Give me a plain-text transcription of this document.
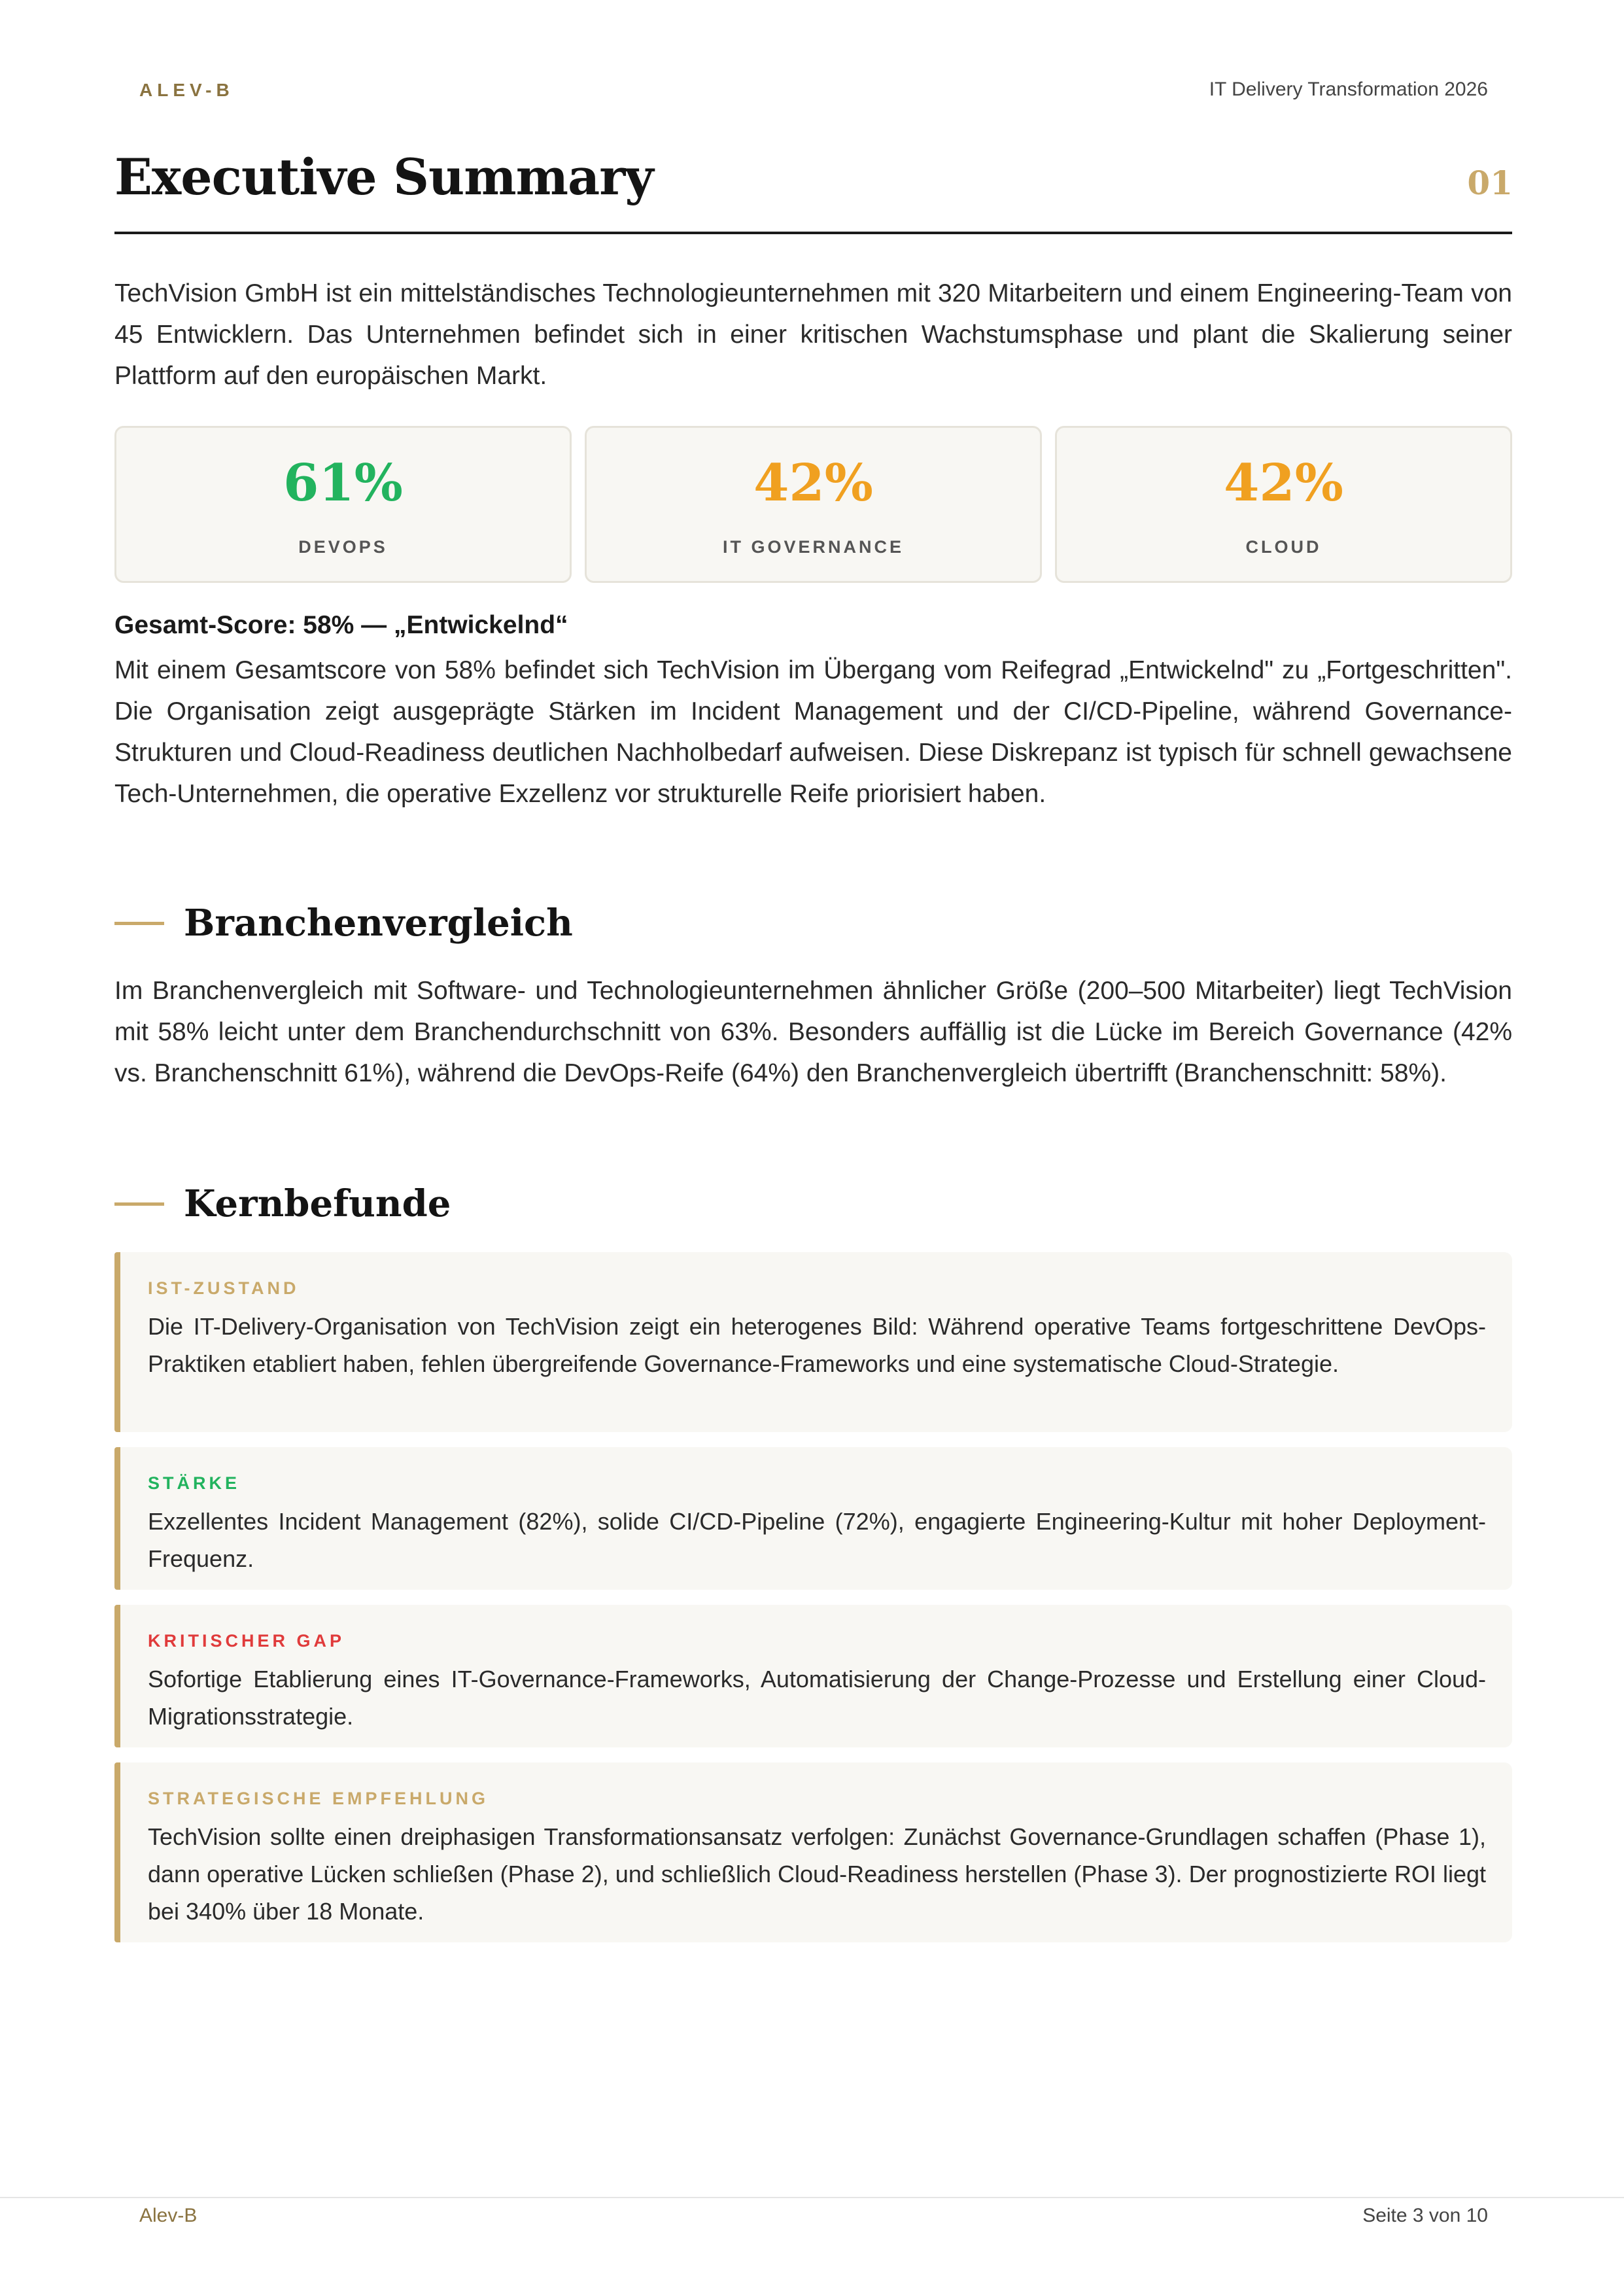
ALEV-B	IT Delivery Transformation 2026
Executive Summary	01

TechVision GmbH ist ein mittelständisches Technologieunternehmen mit 320 Mitarbeitern und einem Engineering-Team von 45 Entwicklern. Das Unternehmen befindet sich in einer kritischen Wachstumsphase und plant die Skalierung seiner Plattform auf den europäischen Markt.

61%
DEVOPS
42%
IT GOVERNANCE
42%
CLOUD
Gesamt-Score: 58% — „Entwickelnd“

Mit einem Gesamtscore von 58% befindet sich TechVision im Übergang vom Reifegrad „Entwickelnd" zu „Fortgeschritten". Die Organisation zeigt ausgeprägte Stärken im Incident Management und der CI/CD-Pipeline, während Governance-Strukturen und Cloud-Readiness deutlichen Nachholbedarf aufweisen. Diese Diskrepanz ist typisch für schnell gewachsene Tech-Unternehmen, die operative Exzellenz vor strukturelle Reife priorisiert haben.

Branchenvergleich

Im Branchenvergleich mit Software- und Technologieunternehmen ähnlicher Größe (200–500 Mitarbeiter) liegt TechVision mit 58% leicht unter dem Branchendurchschnitt von 63%. Besonders auffällig ist die Lücke im Bereich Governance (42% vs. Branchenschnitt 61%), während die DevOps-Reife (64%) den Branchenvergleich übertrifft (Branchenschnitt: 58%).

Kernbefunde
IST-ZUSTAND

Die IT-Delivery-Organisation von TechVision zeigt ein heterogenes Bild: Während operative Teams fortgeschrittene DevOps-Praktiken etabliert haben, fehlen übergreifende Governance-Frameworks und eine systematische Cloud-Strategie.

STÄRKE

Exzellentes Incident Management (82%), solide CI/CD-Pipeline (72%), engagierte Engineering-Kultur mit hoher Deployment-Frequenz.

KRITISCHER GAP

Sofortige Etablierung eines IT-Governance-Frameworks, Automatisierung der Change-Prozesse und Erstellung einer Cloud-Migrationsstrategie.

STRATEGISCHE EMPFEHLUNG

TechVision sollte einen dreiphasigen Transformationsansatz verfolgen: Zunächst Governance-Grundlagen schaffen (Phase 1), dann operative Lücken schließen (Phase 2), und schließlich Cloud-Readiness herstellen (Phase 3). Der prognostizierte ROI liegt bei 340% über 18 Monate.

Alev-B	Seite 3 von 10
